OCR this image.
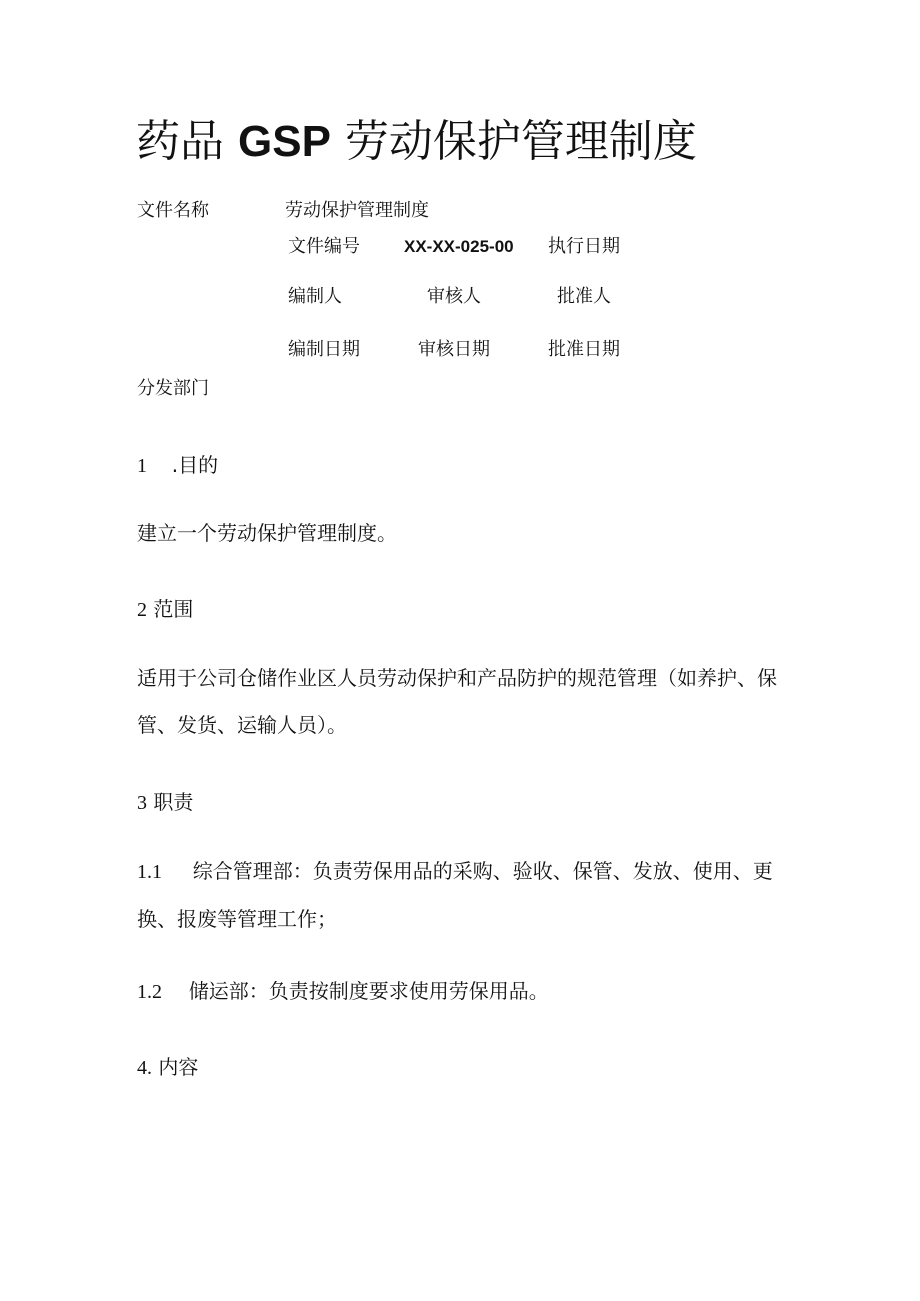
药品 GSP 劳动保护管理制度
文件名称	劳动保护管理制度
文件编号	XX-XX-025-00 执行日期
编制人	审核人	批准人
编制日期	审核日期	批准日期
分发部门
1 .目的
建立一个劳动保护管理制度。
2 范围
适用于公司仓储作业区人员劳动保护和产品防护的规范管理（如养护、保
管、发货、运输人员）。
3 职责
1.1 综合管理部：负责劳保用品的采购、验收、保管、发放、使用、更
换、报废等管理工作；
1.2 储运部：负责按制度要求使用劳保用品。
4. 内容
